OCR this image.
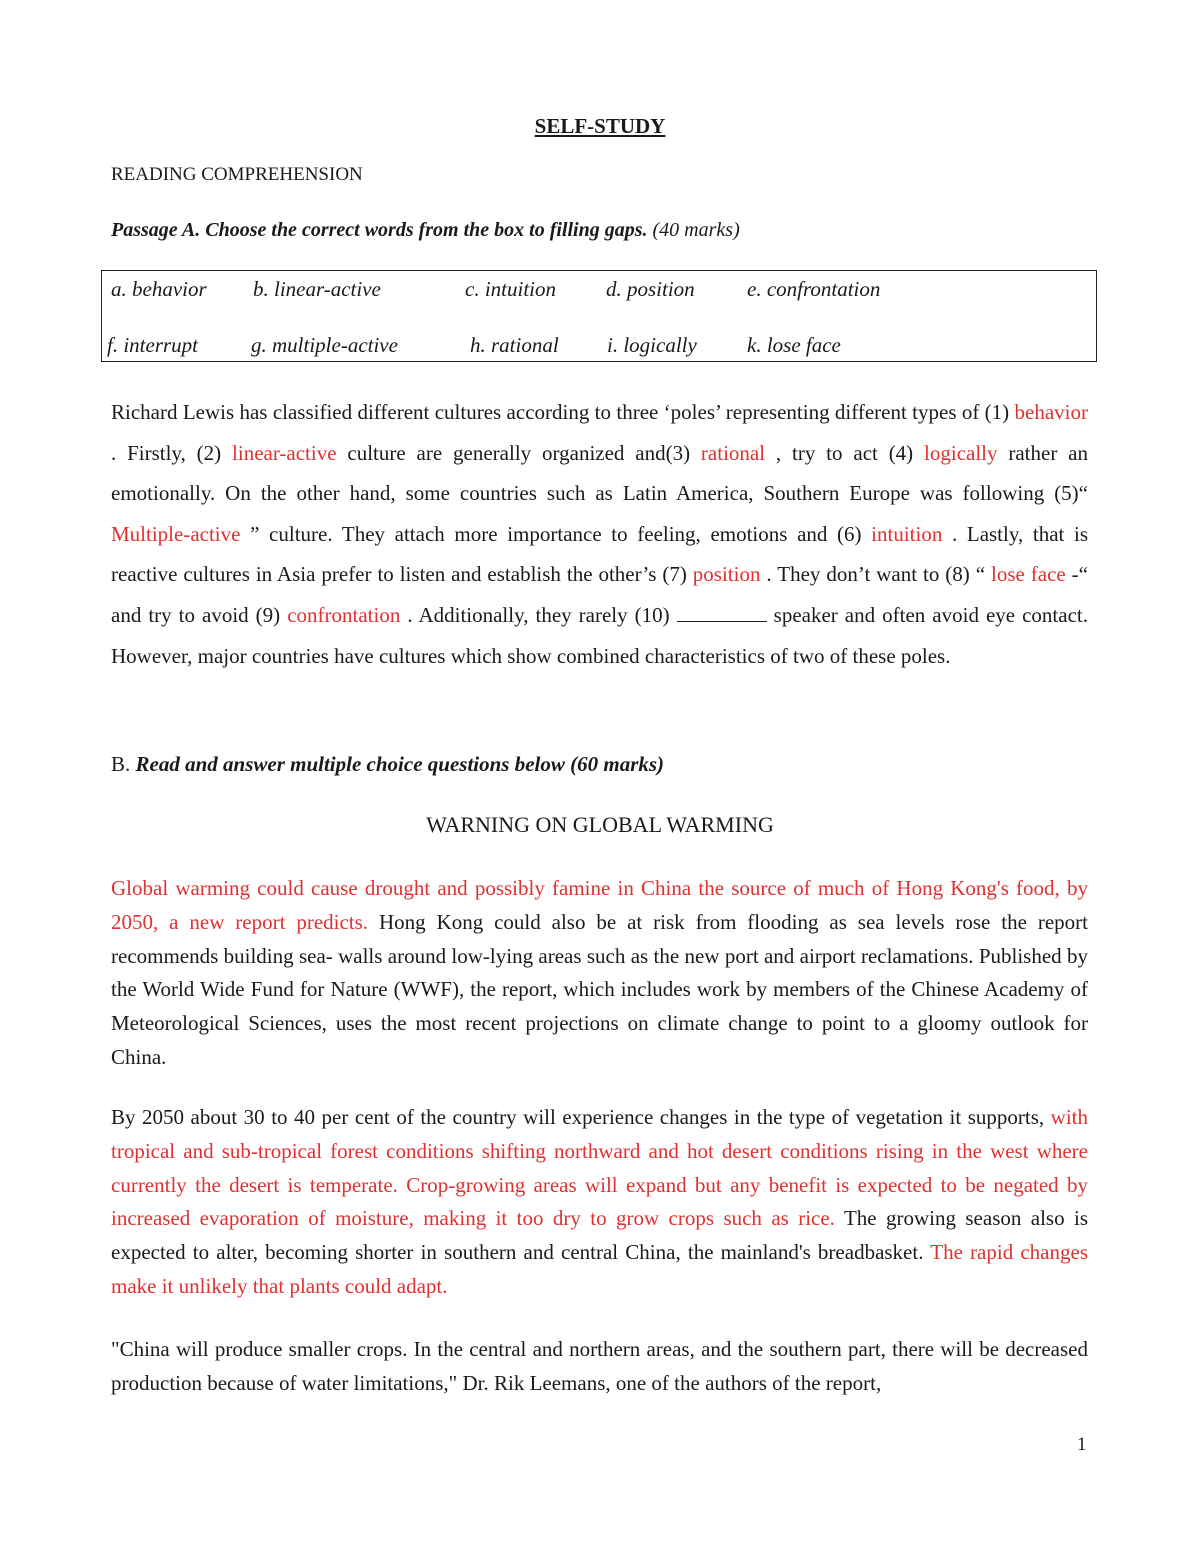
SELF-STUDY
READING COMPREHENSION
Passage A. Choose the correct words from the box to filling gaps. (40 marks)
a. behavior b. linear-active	c. intuition d. position e. confrontation
f. interrupt	g. multiple-active	h. rational i. logically k. lose face
Richard Lewis has classified different cultures according to three ‘poles’ representing different types of (1) behavior . Firstly, (2) linear-active culture are generally organized and(3) rational , try to act (4) logically rather an emotionally. On the other hand, some countries such as Latin America, Southern Europe was following (5)“ Multiple-active ” culture. They attach more importance to feeling, emotions and (6) intuition . Lastly, that is reactive cultures in Asia prefer to listen and establish the other’s (7) position . They don’t want to (8) “ lose face -“ and try to avoid (9) confrontation . Additionally, they rarely (10)	speaker and often avoid eye contact. However, major countries have cultures which show combined characteristics of two of these poles.
B. Read and answer multiple choice questions below (60 marks)
WARNING ON GLOBAL WARMING
Global warming could cause drought and possibly famine in China the source of much of Hong Kong's food, by 2050, a new report predicts. Hong Kong could also be at risk from flooding as sea levels rose the report recommends building sea- walls around low-lying areas such as the new port and airport reclamations. Published by the World Wide Fund for Nature (WWF), the report, which includes work by members of the Chinese Academy of Meteorological Sciences, uses the most recent projections on climate change to point to a gloomy outlook for China.
By 2050 about 30 to 40 per cent of the country will experience changes in the type of vegetation it supports, with tropical and sub-tropical forest conditions shifting northward and hot desert conditions rising in the west where currently the desert is temperate. Crop-growing areas will expand but any benefit is expected to be negated by increased evaporation of moisture, making it too dry to grow crops such as rice. The growing season also is expected to alter, becoming shorter in southern and central China, the mainland's breadbasket. The rapid changes make it unlikely that plants could adapt.
"China will produce smaller crops. In the central and northern areas, and the southern part, there will be decreased production because of water limitations," Dr. Rik Leemans, one of the authors of the report,
1
